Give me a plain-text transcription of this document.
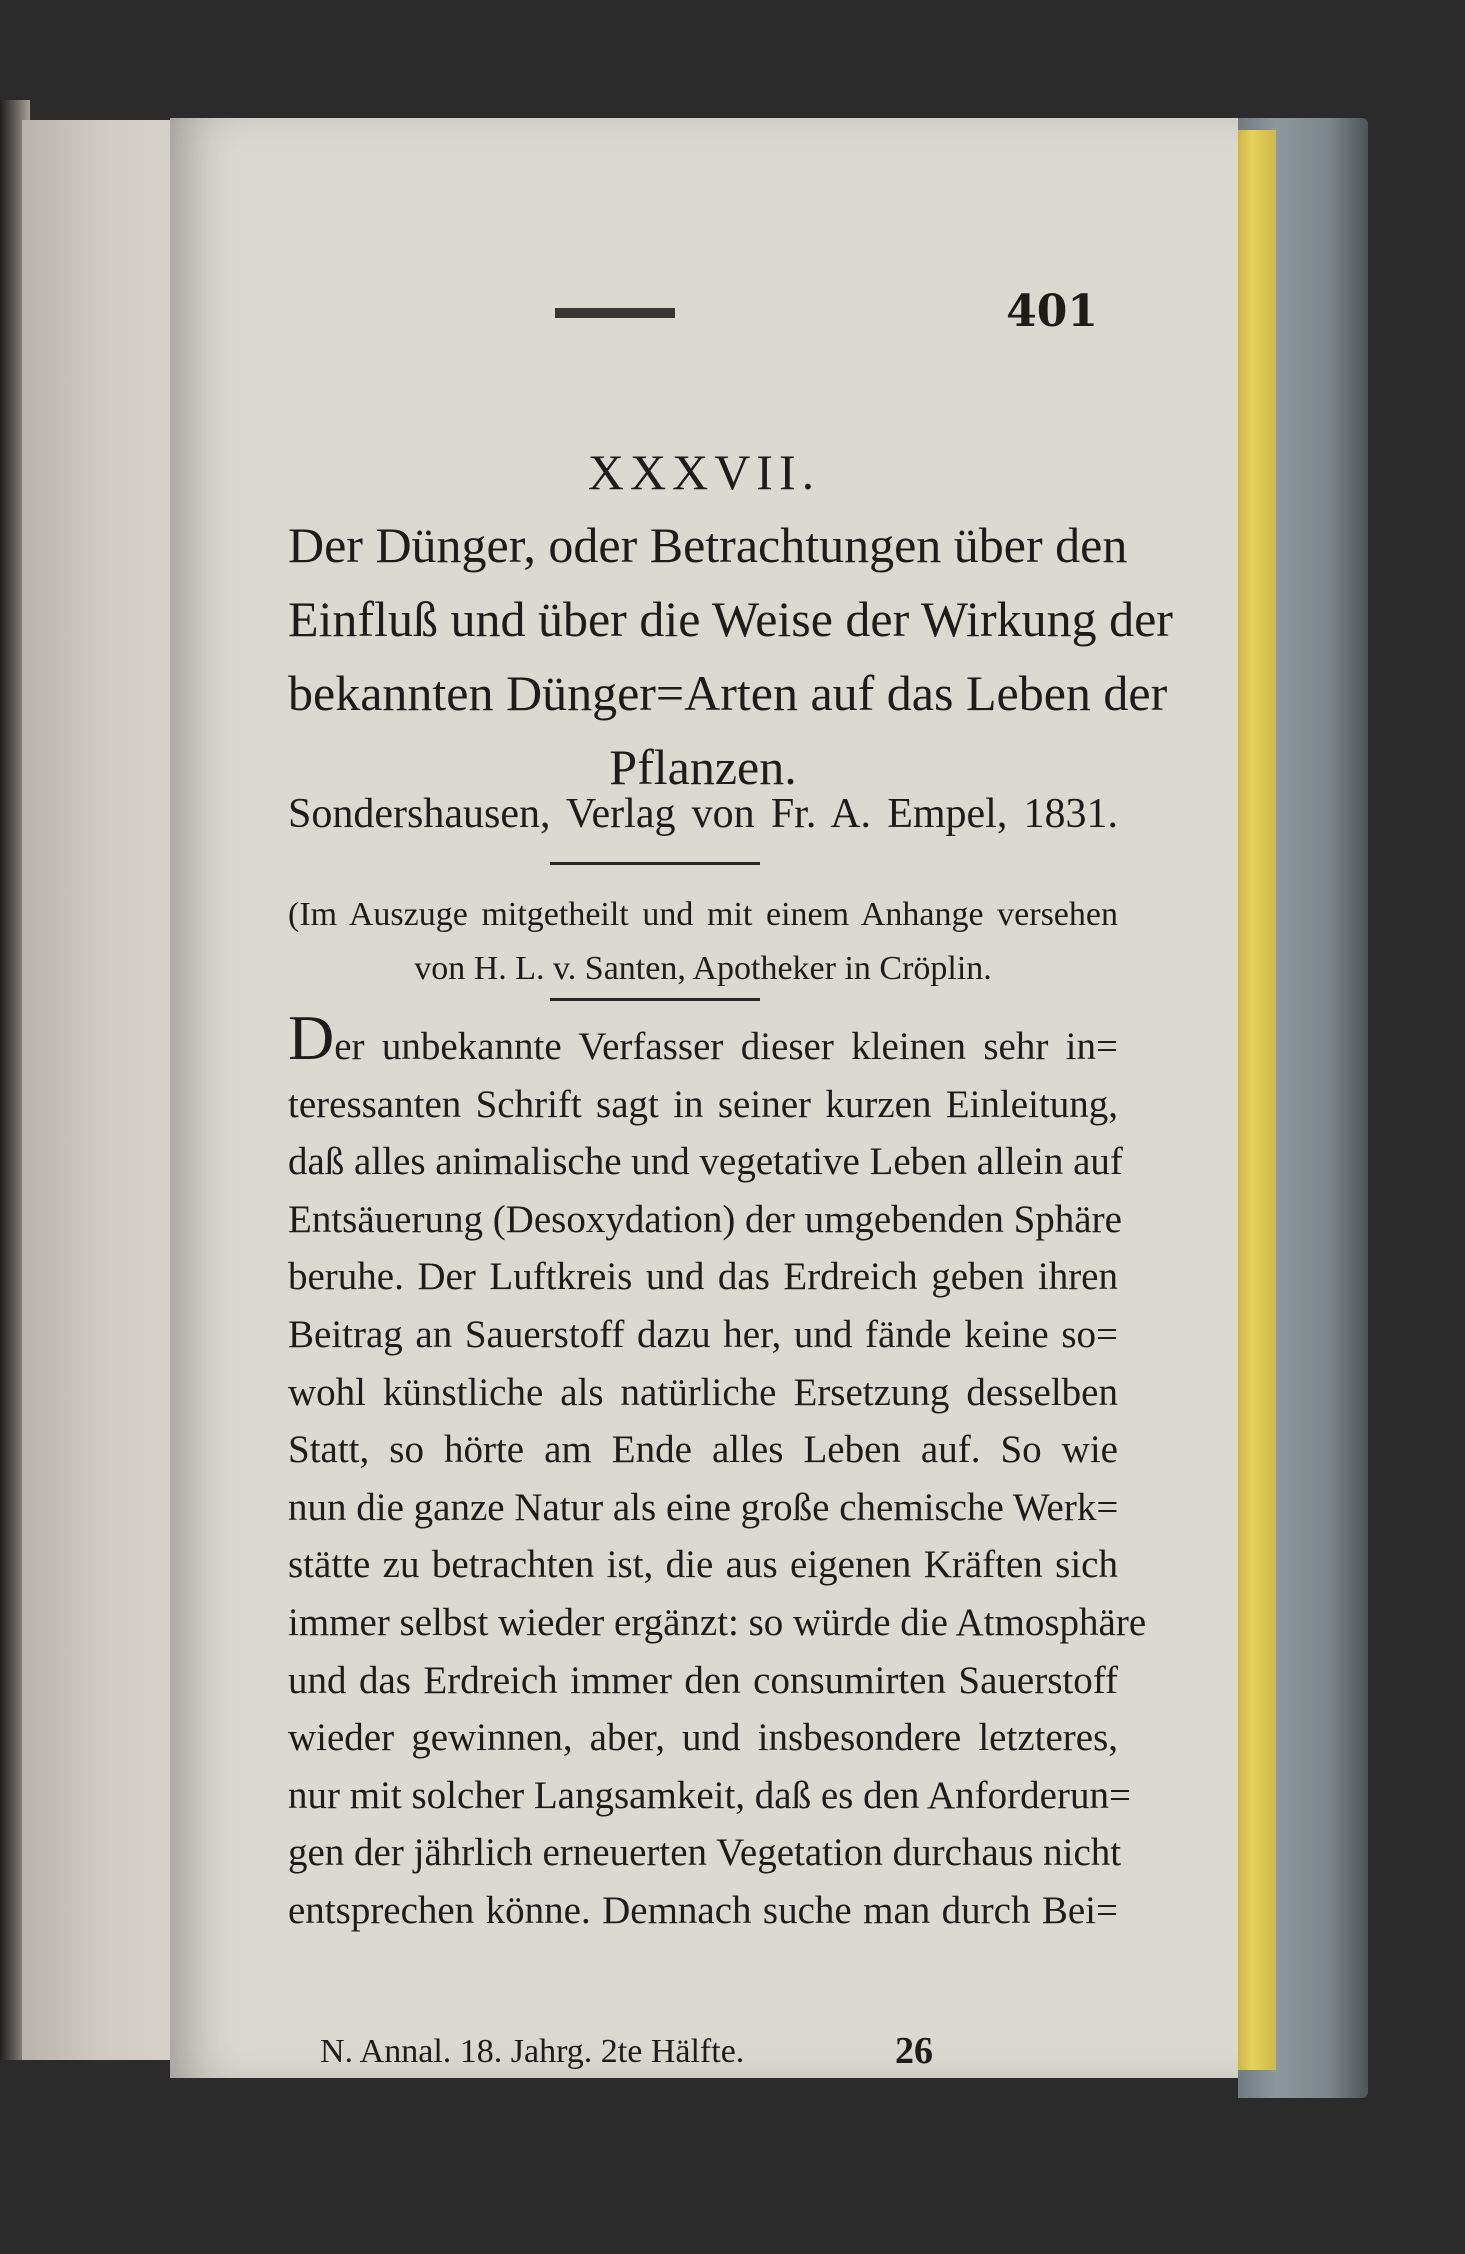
401
XXXVII.
Der Dünger, oder Betrachtungen über den
Einfluß und über die Weise der Wirkung der
bekannten Dünger=Arten auf das Leben der
Pflanzen.
Sondershausen, Verlag von Fr. A. Empel, 1831.
(Im Auszuge mitgetheilt und mit einem Anhange versehen
von H. L. v. Santen, Apotheker in Cröplin.
Der unbekannte Verfasser dieser kleinen sehr in=
teressanten Schrift sagt in seiner kurzen Einleitung,
daß alles animalische und vegetative Leben allein auf
Entsäuerung (Desoxydation) der umgebenden Sphäre
beruhe. Der Luftkreis und das Erdreich geben ihren
Beitrag an Sauerstoff dazu her, und fände keine so=
wohl künstliche als natürliche Ersetzung desselben
Statt, so hörte am Ende alles Leben auf. So wie
nun die ganze Natur als eine große chemische Werk=
stätte zu betrachten ist, die aus eigenen Kräften sich
immer selbst wieder ergänzt: so würde die Atmosphäre
und das Erdreich immer den consumirten Sauerstoff
wieder gewinnen, aber, und insbesondere letzteres,
nur mit solcher Langsamkeit, daß es den Anforderun=
gen der jährlich erneuerten Vegetation durchaus nicht
entsprechen könne. Demnach suche man durch Bei=
N. Annal. 18. Jahrg. 2te Hälfte.	26
